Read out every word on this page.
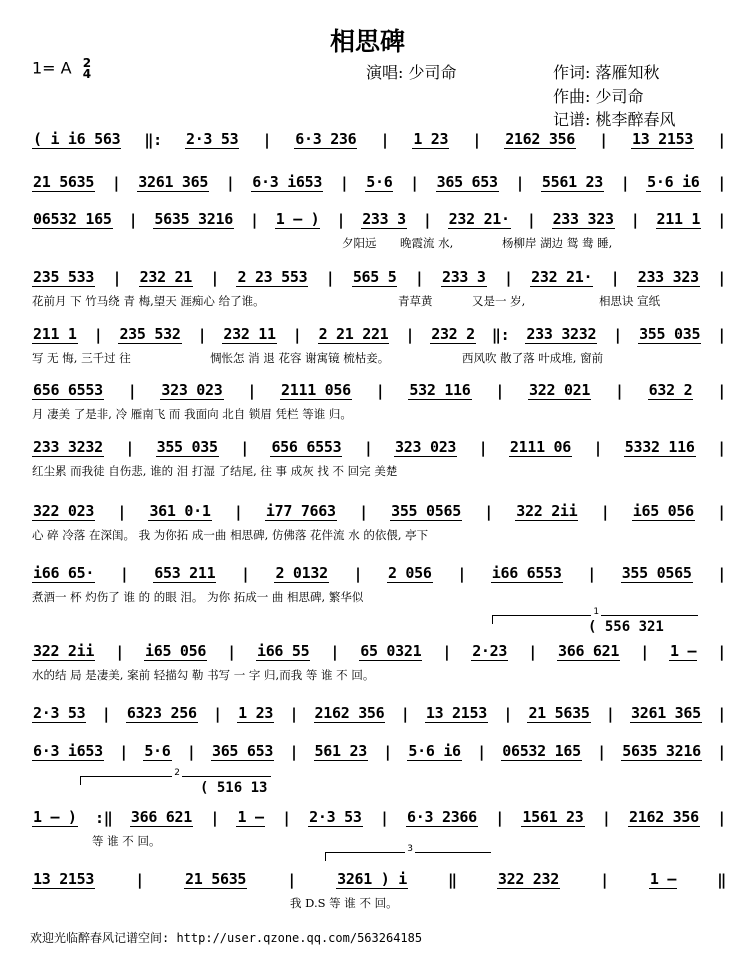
相思碑
1= A 2
4	演唱: 少司命	作词: 落雁知秋
作曲: 少司命
记谱: 桃李醉春风
( i i6 563 ‖: 2·3 53 | 6·3 236 | 1 23 | 2162 356 | 13 2153 |
21 5635 | 3261 365 | 6·3 i653 | 5·6 | 365 653 | 5561 23 | 5·6 i6 |
06532 165 | 5635 3216 | 1 – ) | 233 3 | 232 21· | 233 323 | 211 1 |
夕阳远 晚霞流 水,	杨柳岸 湖边 鸳 鸯 睡,
235 533 | 232 21 | 2 23 553 | 565 5 | 233 3 | 232 21· | 233 323 |
花前月 下 竹马绕 青 梅,望天 涯痴心 给了谁。	青草黄	又是一 岁,	相思诀 宣纸
211 1 | 235 532 | 232 11 | 2 21 221 | 232 2 ‖: 233 3232 | 355 035 |
写 无 悔, 三千过 往	惆怅怎 消 退 花容 谢寓镜 梳枯妾。	西风吹 散了落 叶成堆, 窗前
656 6553 | 323 023 | 2111 056 | 532 116 | 322 021 | 632 2 |
月 凄美 了是非, 冷 雁南飞 而 我面向 北自 锁眉 凭栏 等谁 归。
233 3232 | 355 035 | 656 6553 | 323 023 | 2111 06 | 5332 116 |
红尘累 而我徒 自伤悲, 谁的 泪 打湿 了结尾, 往 事 成灰 找 不 回完 美楚
322 023 | 361 0·1 | i77 7663 | 355 0565 | 322 2ii | i65 056 |
心 碎 冷落 在深闺。 我 为你拓 成一曲 相思碑, 仿佛落 花伴流 水 的依偎, 亭下
i66 65· | 653 211 | 2 0132 | 2 056 | i66 6553 | 355 0565 |
煮酒一 杯 灼伤了 谁 的 的眼 泪。 为你 拓成一 曲 相思碑, 繁华似
322 2ii | i65 056 | i66 55 | 65 0321 | 2·23 | 366 621 | 1 – |
水的结 局 是凄美, 案前 轻描勾 勒 书写 一 字 归,而我 等 谁 不 回。
2·3 53 | 6323 256 | 1 23 | 2162 356 | 13 2153 | 21 5635 | 3261 365 |
6·3 i653 | 5·6 | 365 653 | 561 23 | 5·6 i6 | 06532 165 | 5635 3216 |
1 – ) :‖ 366 621 | 1 – | 2·3 53 | 6·3 2366 | 1561 23 | 2162 356 |
等 谁 不 回。
13 2153	|	21 5635	|	3261 ) i	‖	322 232	|	1 –	‖
我 D.S 等 谁 不 回。
1
( 556 321
2
( 516 13
3
欢迎光临醉春风记谱空间: http://user.qzone.qq.com/563264185
